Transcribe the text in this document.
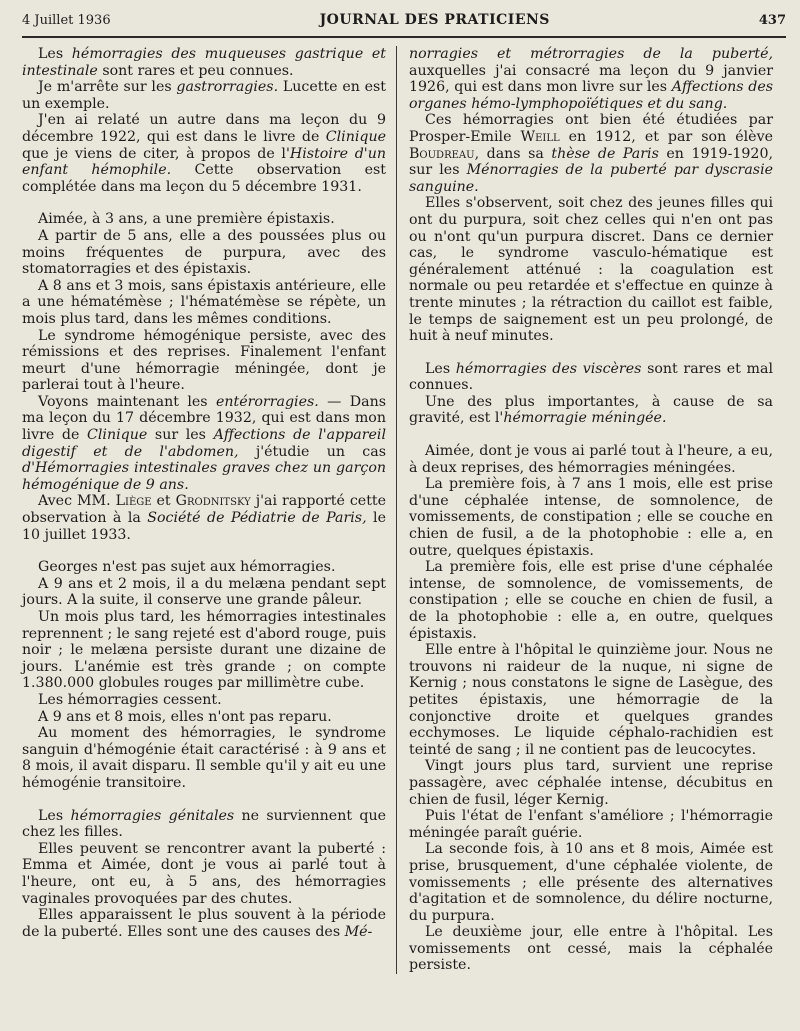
4 Juillet 1936	JOURNAL DES PRATICIENS	437

Les hémorragies des muqueuses gastrique et intestinale sont rares et peu connues.

Je m'arrête sur les gastrorragies. Lucette en est un exemple.

J'en ai relaté un autre dans ma leçon du 9 décembre 1922, qui est dans le livre de Clinique que je viens de citer, à propos de l'Histoire d'un enfant hémophile. Cette observation est complétée dans ma leçon du 5 décembre 1931.

Aimée, à 3 ans, a une première épistaxis.

A partir de 5 ans, elle a des poussées plus ou moins fréquentes de purpura, avec des stomatorragies et des épistaxis.

A 8 ans et 3 mois, sans épistaxis antérieure, elle a une hématémèse ; l'hématémèse se répète, un mois plus tard, dans les mêmes conditions.

Le syndrome hémogénique persiste, avec des rémissions et des reprises. Finalement l'enfant meurt d'une hémorragie méningée, dont je parlerai tout à l'heure.

Voyons maintenant les entérorragies. — Dans ma leçon du 17 décembre 1932, qui est dans mon livre de Clinique sur les Affections de l'appareil digestif et de l'abdomen, j'étudie un cas d'Hémorragies intestinales graves chez un garçon hémogénique de 9 ans.

Avec MM. Liège et Grodnitsky j'ai rapporté cette observation à la Société de Pédiatrie de Paris, le 10 juillet 1933.

Georges n'est pas sujet aux hémorragies.

A 9 ans et 2 mois, il a du melæna pendant sept jours. A la suite, il conserve une grande pâleur.

Un mois plus tard, les hémorragies intestinales reprennent ; le sang rejeté est d'abord rouge, puis noir ; le melæna persiste durant une dizaine de jours. L'anémie est très grande ; on compte 1.380.000 globules rouges par millimètre cube.

Les hémorragies cessent.

A 9 ans et 8 mois, elles n'ont pas reparu.

Au moment des hémorragies, le syndrome sanguin d'hémogénie était caractérisé : à 9 ans et 8 mois, il avait disparu. Il semble qu'il y ait eu une hémogénie transitoire.

Les hémorragies génitales ne surviennent que chez les filles.

Elles peuvent se rencontrer avant la puberté : Emma et Aimée, dont je vous ai parlé tout à l'heure, ont eu, à 5 ans, des hémorragies vaginales provoquées par des chutes.

Elles apparaissent le plus souvent à la période de la puberté. Elles sont une des causes des Mé-

norragies et métrorragies de la puberté, auxquelles j'ai consacré ma leçon du 9 janvier 1926, qui est dans mon livre sur les Affections des organes hémo-lymphopoïétiques et du sang.

Ces hémorragies ont bien été étudiées par Prosper-Emile Weill en 1912, et par son élève Boudreau, dans sa thèse de Paris en 1919-1920, sur les Ménorragies de la puberté par dyscrasie sanguine.

Elles s'observent, soit chez des jeunes filles qui ont du purpura, soit chez celles qui n'en ont pas ou n'ont qu'un purpura discret. Dans ce dernier cas, le syndrome vasculo-hématique est généralement atténué : la coagulation est normale ou peu retardée et s'effectue en quinze à trente minutes ; la rétraction du caillot est faible, le temps de saignement est un peu prolongé, de huit à neuf minutes.

Les hémorragies des viscères sont rares et mal connues.

Une des plus importantes, à cause de sa gravité, est l'hémorragie méningée.

Aimée, dont je vous ai parlé tout à l'heure, a eu, à deux reprises, des hémorragies méningées.

La première fois, à 7 ans 1 mois, elle est prise d'une céphalée intense, de somnolence, de vomissements, de constipation ; elle se couche en chien de fusil, a de la photophobie : elle a, en outre, quelques épistaxis.

La première fois, elle est prise d'une céphalée intense, de somnolence, de vomissements, de constipation ; elle se couche en chien de fusil, a de la photophobie : elle a, en outre, quelques épistaxis.

Elle entre à l'hôpital le quinzième jour. Nous ne trouvons ni raideur de la nuque, ni signe de Kernig ; nous constatons le signe de Lasègue, des petites épistaxis, une hémorragie de la conjonctive droite et quelques grandes ecchymoses. Le liquide céphalo-rachidien est teinté de sang ; il ne contient pas de leucocytes.

Vingt jours plus tard, survient une reprise passagère, avec céphalée intense, décubitus en chien de fusil, léger Kernig.

Puis l'état de l'enfant s'améliore ; l'hémorragie méningée paraît guérie.

La seconde fois, à 10 ans et 8 mois, Aimée est prise, brusquement, d'une céphalée violente, de vomissements ; elle présente des alternatives d'agitation et de somnolence, du délire nocturne, du purpura.

Le deuxième jour, elle entre à l'hôpital. Les vomissements ont cessé, mais la céphalée persiste.
